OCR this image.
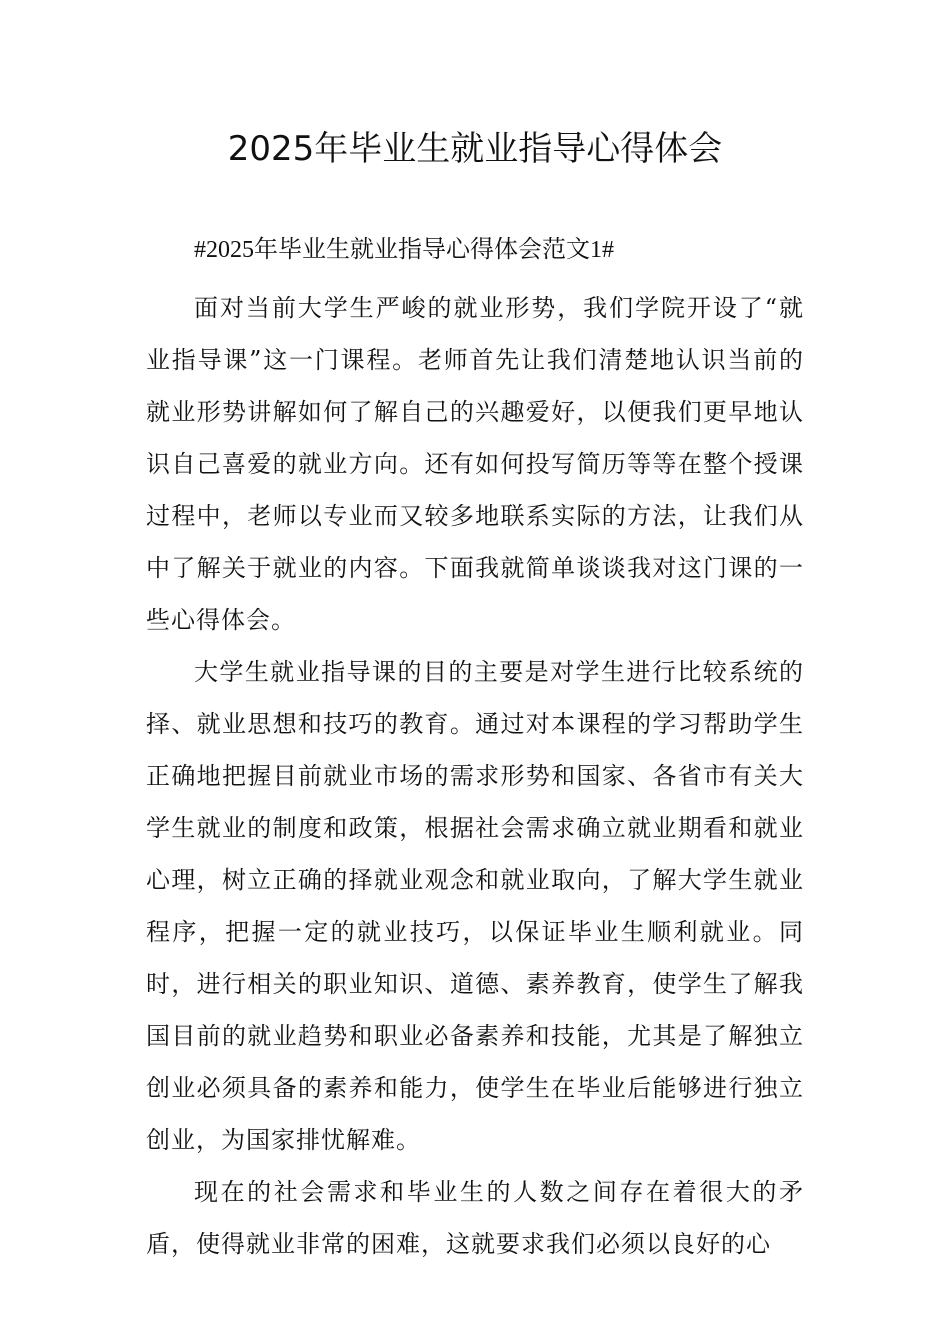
2025年毕业生就业指导心得体会

#2025年毕业生就业指导心得体会范文1#

面对当前大学生严峻的就业形势，我们学院开设了“就业指导课”这一门课程。老师首先让我们清楚地认识当前的就业形势讲解如何了解自己的兴趣爱好，以便我们更早地认识自己喜爱的就业方向。还有如何投写简历等等在整个授课过程中，老师以专业而又较多地联系实际的方法，让我们从中了解关于就业的内容。下面我就简单谈谈我对这门课的一些心得体会。

大学生就业指导课的目的主要是对学生进行比较系统的择、就业思想和技巧的教育。通过对本课程的学习帮助学生正确地把握目前就业市场的需求形势和国家、各省市有关大学生就业的制度和政策，根据社会需求确立就业期看和就业心理，树立正确的择就业观念和就业取向，了解大学生就业程序，把握一定的就业技巧，以保证毕业生顺利就业。同时，进行相关的职业知识、道德、素养教育，使学生了解我国目前的就业趋势和职业必备素养和技能，尤其是了解独立创业必须具备的素养和能力，使学生在毕业后能够进行独立创业，为国家排忧解难。

现在的社会需求和毕业生的人数之间存在着很大的矛盾，使得就业非常的困难，这就要求我们必须以良好的心
